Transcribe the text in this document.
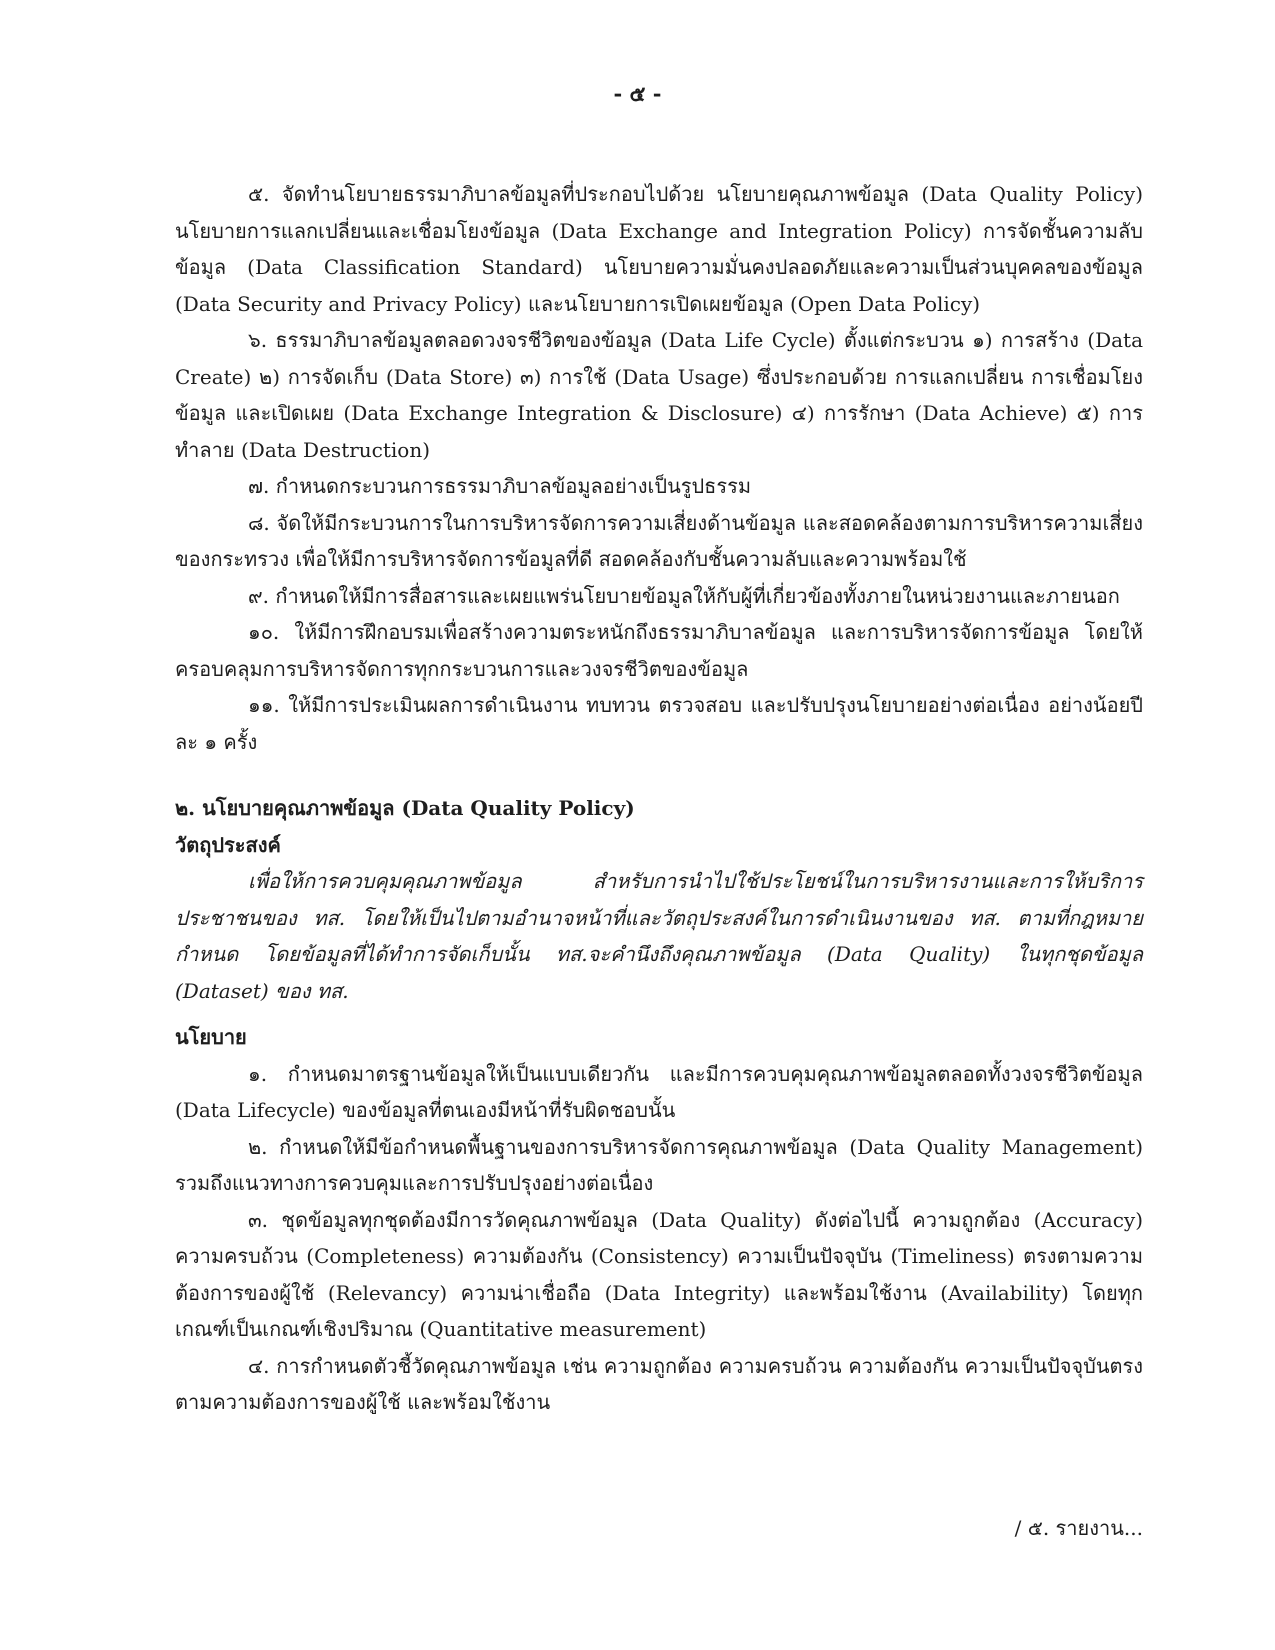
- ๕ -

๕. จัดทำนโยบายธรรมาภิบาลข้อมูลที่ประกอบไปด้วย นโยบายคุณภาพข้อมูล (Data Quality Policy) นโยบายการแลกเปลี่ยนและเชื่อมโยงข้อมูล (Data Exchange and Integration Policy) การจัดชั้นความลับข้อมูล (Data Classification Standard) นโยบายความมั่นคงปลอดภัยและความเป็นส่วนบุคคลของข้อมูล (Data Security and Privacy Policy) และนโยบายการเปิดเผยข้อมูล (Open Data Policy)

๖. ธรรมาภิบาลข้อมูลตลอดวงจรชีวิตของข้อมูล (Data Life Cycle) ตั้งแต่กระบวน ๑) การสร้าง (Data Create) ๒) การจัดเก็บ (Data Store) ๓) การใช้ (Data Usage) ซึ่งประกอบด้วย การแลกเปลี่ยน การเชื่อมโยงข้อมูล และเปิดเผย (Data Exchange Integration & Disclosure) ๔) การรักษา (Data Achieve) ๕) การทำลาย (Data Destruction)

๗. กำหนดกระบวนการธรรมาภิบาลข้อมูลอย่างเป็นรูปธรรม

๘. จัดให้มีกระบวนการในการบริหารจัดการความเสี่ยงด้านข้อมูล และสอดคล้องตามการบริหารความเสี่ยงของกระทรวง เพื่อให้มีการบริหารจัดการข้อมูลที่ดี สอดคล้องกับชั้นความลับและความพร้อมใช้

๙. กำหนดให้มีการสื่อสารและเผยแพร่นโยบายข้อมูลให้กับผู้ที่เกี่ยวข้องทั้งภายในหน่วยงานและภายนอก

๑๐. ให้มีการฝึกอบรมเพื่อสร้างความตระหนักถึงธรรมาภิบาลข้อมูล และการบริหารจัดการข้อมูล โดยให้ครอบคลุมการบริหารจัดการทุกกระบวนการและวงจรชีวิตของข้อมูล

๑๑. ให้มีการประเมินผลการดำเนินงาน ทบทวน ตรวจสอบ และปรับปรุงนโยบายอย่างต่อเนื่อง อย่างน้อยปีละ ๑ ครั้ง

๒. นโยบายคุณภาพข้อมูล (Data Quality Policy)

วัตถุประสงค์

เพื่อให้การควบคุมคุณภาพข้อมูล สำหรับการนำไปใช้ประโยชน์ในการบริหารงานและการให้บริการประชาชนของ ทส. โดยให้เป็นไปตามอำนาจหน้าที่และวัตถุประสงค์ในการดำเนินงานของ ทส. ตามที่กฎหมายกำหนด โดยข้อมูลที่ได้ทำการจัดเก็บนั้น ทส.จะคำนึงถึงคุณภาพข้อมูล (Data Quality) ในทุกชุดข้อมูล (Dataset) ของ ทส.

นโยบาย

๑. กำหนดมาตรฐานข้อมูลให้เป็นแบบเดียวกัน และมีการควบคุมคุณภาพข้อมูลตลอดทั้งวงจรชีวิตข้อมูล (Data Lifecycle) ของข้อมูลที่ตนเองมีหน้าที่รับผิดชอบนั้น

๒. กำหนดให้มีข้อกำหนดพื้นฐานของการบริหารจัดการคุณภาพข้อมูล (Data Quality Management) รวมถึงแนวทางการควบคุมและการปรับปรุงอย่างต่อเนื่อง

๓. ชุดข้อมูลทุกชุดต้องมีการวัดคุณภาพข้อมูล (Data Quality) ดังต่อไปนี้ ความถูกต้อง (Accuracy) ความครบถ้วน (Completeness) ความต้องกัน (Consistency) ความเป็นปัจจุบัน (Timeliness) ตรงตามความต้องการของผู้ใช้ (Relevancy) ความน่าเชื่อถือ (Data Integrity) และพร้อมใช้งาน (Availability) โดยทุกเกณฑ์เป็นเกณฑ์เชิงปริมาณ (Quantitative measurement)

๔. การกำหนดตัวชี้วัดคุณภาพข้อมูล เช่น ความถูกต้อง ความครบถ้วน ความต้องกัน ความเป็นปัจจุบันตรงตามความต้องการของผู้ใช้ และพร้อมใช้งาน

/ ๕. รายงาน...
